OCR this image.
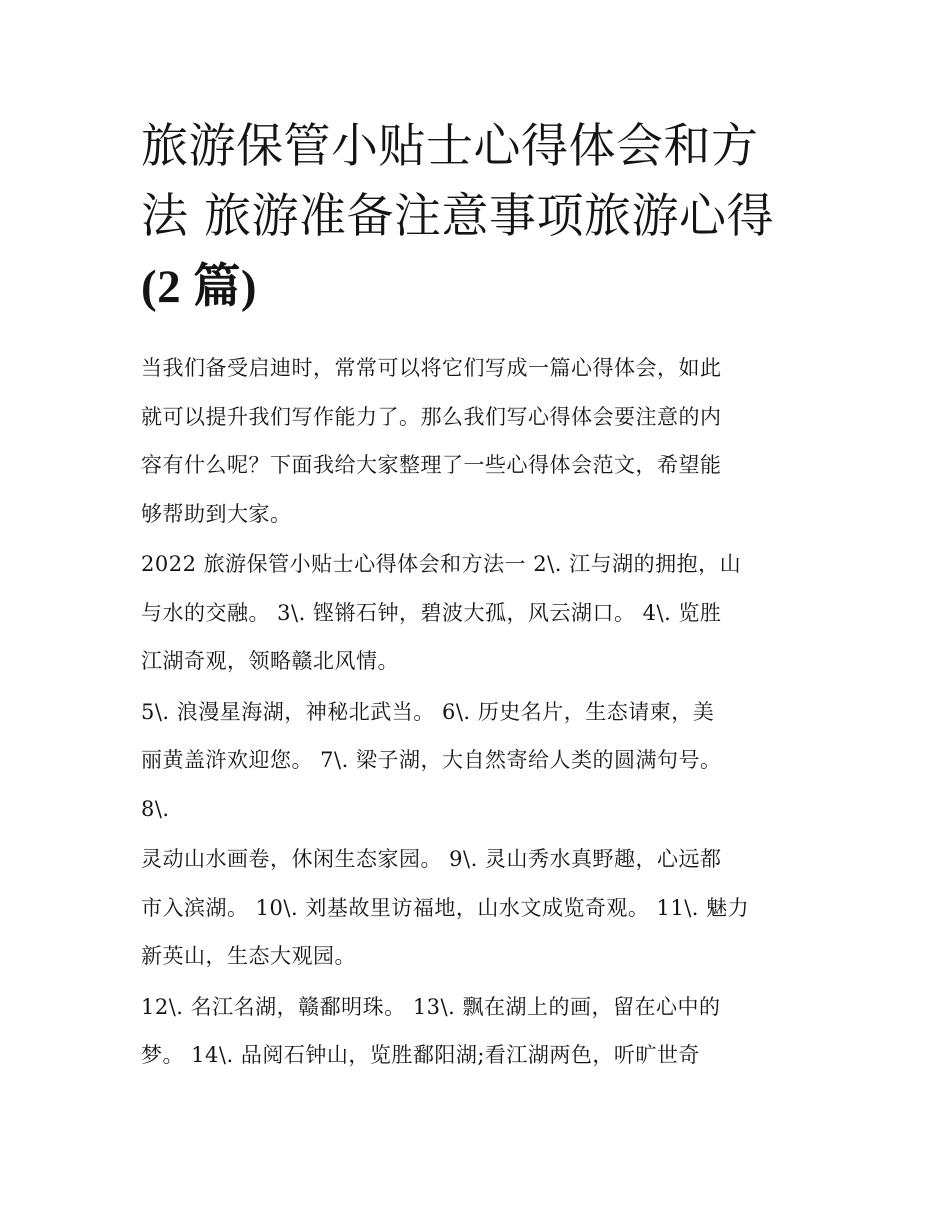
旅游保管小贴士心得体会和方
法 旅游准备注意事项旅游心得
(2 篇)

当我们备受启迪时，常常可以将它们写成一篇心得体会，如此
就可以提升我们写作能力了。那么我们写心得体会要注意的内
容有什么呢？下面我给大家整理了一些心得体会范文，希望能
够帮助到大家。

2022 旅游保管小贴士心得体会和方法一 2\. 江与湖的拥抱，山
与水的交融。 3\. 铿锵石钟，碧波大孤，风云湖口。 4\. 览胜
江湖奇观，领略赣北风情。

5\. 浪漫星海湖，神秘北武当。 6\. 历史名片，生态请柬，美
丽黄盖浒欢迎您。 7\. 梁子湖，大自然寄给人类的圆满句号。
8\.

灵动山水画卷，休闲生态家园。 9\. 灵山秀水真野趣，心远都
市入滨湖。 10\. 刘基故里访福地，山水文成览奇观。 11\. 魅力
新英山，生态大观园。

12\. 名江名湖，赣鄱明珠。 13\. 飘在湖上的画，留在心中的
梦。 14\. 品阅石钟山，览胜鄱阳湖;看江湖两色，听旷世奇
